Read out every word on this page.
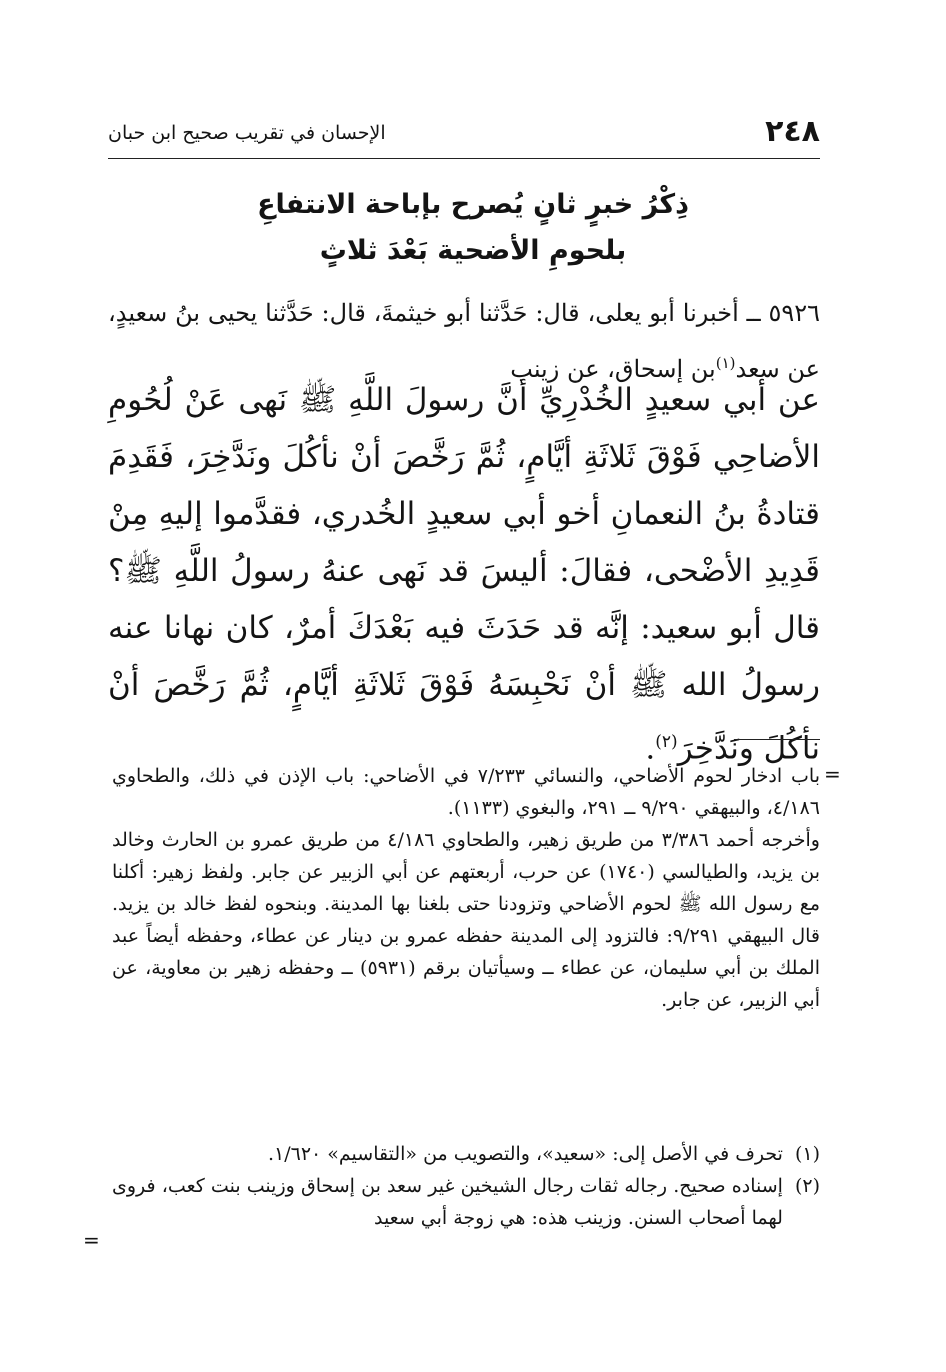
٢٤٨
الإحسان في تقريب صحيح ابن حبان
ذِكْرُ خبرٍ ثانٍ يُصرح بإباحة الانتفاعِ
بلحومِ الأضحية بَعْدَ ثلاثٍ
٥٩٢٦ ــ أخبرنا أبو يعلى، قال: حَدَّثنا أبو خيثمةَ، قال: حَدَّثنا يحيى بنُ سعيدٍ، عن سعد$^{(١)}$بن إسحاق، عن زينب
عن أبي سعيدٍ الخُدْرِيِّ أنَّ رسولَ اللَّهِ ﷺ نَهى عَنْ لُحُومِ الأضاحِي فَوْقَ ثَلاثَةِ أيَّامٍ، ثُمَّ رَخَّصَ أنْ نأكُلَ ونَدَّخِرَ، فَقَدِمَ قتادةُ بنُ النعمانِ أخو أبي سعيدٍ الخُدري، فقدَّموا إليهِ مِنْ قَدِيدِ الأضْحى، فقالَ: أليسَ قد نَهى عنهُ رسولُ اللَّهِ ﷺ؟ قال أبو سعيد: إنَّه قد حَدَثَ فيه بَعْدَكَ أمرٌ، كان نهانا عنه رسولُ الله ﷺ أنْ نَحْبِسَهُ فَوْقَ ثَلاثَةِ أيَّامٍ، ثُمَّ رَخَّصَ أنْ نأكُلَ ونَدَّخِرَ$^{(٢)}$.
=

باب ادخار لحوم الأضاحي، والنسائي ٧/٢٣٣ في الأضاحي: باب الإذن في ذلك، والطحاوي ٤/١٨٦، والبيهقي ٩/٢٩٠ ــ ٢٩١، والبغوي (١١٣٣).

وأخرجه أحمد ٣/٣٨٦ من طريق زهير، والطحاوي ٤/١٨٦ من طريق عمرو بن الحارث وخالد بن يزيد، والطيالسي (١٧٤٠) عن حرب، أربعتهم عن أبي الزبير عن جابر. ولفظ زهير: أكلنا مع رسول الله ﷺ لحوم الأضاحي وتزودنا حتى بلغنا بها المدينة. وبنحوه لفظ خالد بن يزيد. قال البيهقي ٩/٢٩١: فالتزود إلى المدينة حفظه عمرو بن دينار عن عطاء، وحفظه أيضاً عبد الملك بن أبي سليمان، عن عطاء ــ وسيأتيان برقم (٥٩٣١) ــ وحفظه زهير بن معاوية، عن أبي الزبير، عن جابر.

(١)
تحرف في الأصل إلى: «سعيد»، والتصويب من «التقاسيم» ١/٦٢٠.
(٢)
إسناده صحيح. رجاله ثقات رجال الشيخين غير سعد بن إسحاق وزينب بنت كعب، فروى لهما أصحاب السنن. وزينب هذه: هي زوجة أبي سعيد
=
